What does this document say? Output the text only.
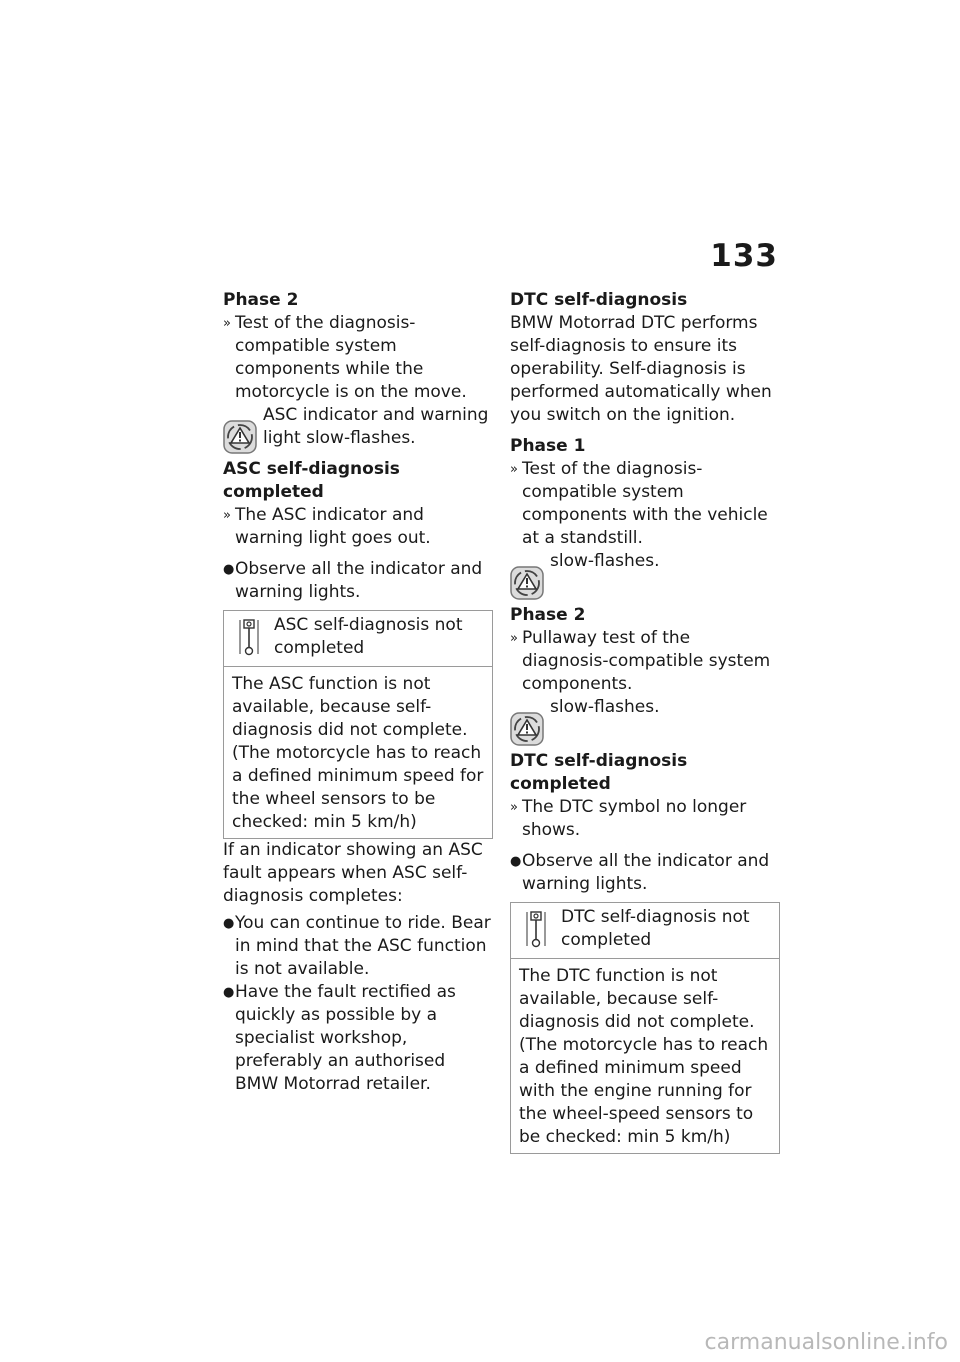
133

Phase 2

» Test of the diagnosis-compatible system components while the motorcycle is on the move.
ASC indicator and warning light slow-flashes.

ASC self-diagnosis completed

» The ASC indicator and warning light goes out.
● Observe all the indicator and warning lights.
ASC self-diagnosis not completed
The ASC function is not available, because self-diagnosis did not complete. (The motorcycle has to reach a defined minimum speed for the wheel sensors to be checked: min 5 km/h)

If an indicator showing an ASC fault appears when ASC self-diagnosis completes:

● You can continue to ride. Bear in mind that the ASC function is not available.
● Have the fault rectified as quickly as possible by a specialist workshop, preferably an authorised BMW Motorrad retailer.

DTC self-diagnosis

BMW Motorrad DTC performs self-diagnosis to ensure its operability. Self-diagnosis is performed automatically when you switch on the ignition.

Phase 1

» Test of the diagnosis-compatible system components with the vehicle at a standstill.
slow-flashes.

Phase 2

» Pullaway test of the diagnosis-compatible system components.
slow-flashes.

DTC self-diagnosis completed

» The DTC symbol no longer shows.
● Observe all the indicator and warning lights.
DTC self-diagnosis not completed
The DTC function is not available, because self-diagnosis did not complete. (The motorcycle has to reach a defined minimum speed with the engine running for the wheel-speed sensors to be checked: min 5 km/h)
carmanualsonline.info
